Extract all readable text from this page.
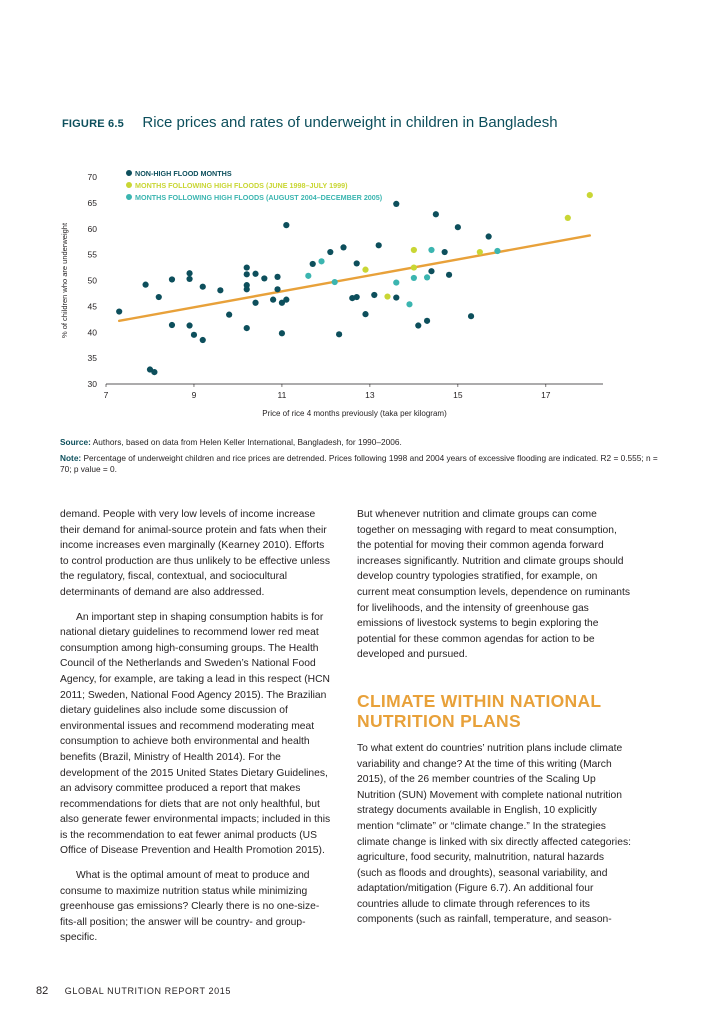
FIGURE 6.5 Rice prices and rates of underweight in children in Bangladesh
7	9	11	13	15	17
30
35
40
45
50
55
60
65
70
Price of rice 4 months previously (taka per kilogram)
% of children who are underweight
NON-HIGH FLOOD MONTHS
MONTHS FOLLOWING HIGH FLOODS (JUNE 1998–JULY 1999)
MONTHS FOLLOWING HIGH FLOODS (AUGUST 2004–DECEMBER 2005)

Source: Authors, based on data from Helen Keller International, Bangladesh, for 1990–2006.

Note: Percentage of underweight children and rice prices are detrended. Prices following 1998 and 2004 years of excessive flooding are indicated. R2 = 0.555; n = 70; p value = 0.

demand. People with very low levels of income increase their demand for animal-source protein and fats when their income increases even marginally (Kearney 2010). Efforts to control production are thus unlikely to be effective unless the regulatory, fiscal, contextual, and sociocultural determinants of demand are also addressed.

An important step in shaping consumption habits is for national dietary guidelines to recommend lower red meat consumption among high-consuming groups. The Health Council of the Netherlands and Sweden’s National Food Agency, for example, are taking a lead in this respect (HCN 2011; Sweden, National Food Agency 2015). The Brazilian dietary guidelines also include some discussion of environmental issues and recommend moderating meat consumption to achieve both environmental and health benefits (Brazil, Ministry of Health 2014). For the development of the 2015 United States Dietary Guidelines, an advisory committee produced a report that makes recommendations for diets that are not only healthful, but also generate fewer environmental impacts; included in this is the recommendation to eat fewer animal products (US Office of Disease Prevention and Health Promotion 2015).

What is the optimal amount of meat to produce and consume to maximize nutrition status while minimizing greenhouse gas emissions? Clearly there is no one-size-fits-all position; the answer will be country- and group-specific.

But whenever nutrition and climate groups can come together on messaging with regard to meat consumption, the potential for moving their common agenda forward increases significantly. Nutrition and climate groups should develop country typologies stratified, for example, on current meat consumption levels, dependence on ruminants for livelihoods, and the intensity of greenhouse gas emissions of livestock systems to begin exploring the potential for these common agendas for action to be developed and pursued.

CLIMATE WITHIN NATIONAL NUTRITION PLANS

To what extent do countries’ nutrition plans include climate variability and change? At the time of this writing (March 2015), of the 26 member countries of the Scaling Up Nutrition (SUN) Movement with complete national nutrition strategy documents available in English, 10 explicitly mention “climate” or “climate change.” In the strategies climate change is linked with six directly affected categories: agriculture, food security, malnutrition, natural hazards (such as floods and droughts), seasonal variability, and adaptation/mitigation (Figure 6.7). An additional four countries allude to climate through references to its components (such as rainfall, temperature, and season-

82 GLOBAL NUTRITION REPORT 2015
